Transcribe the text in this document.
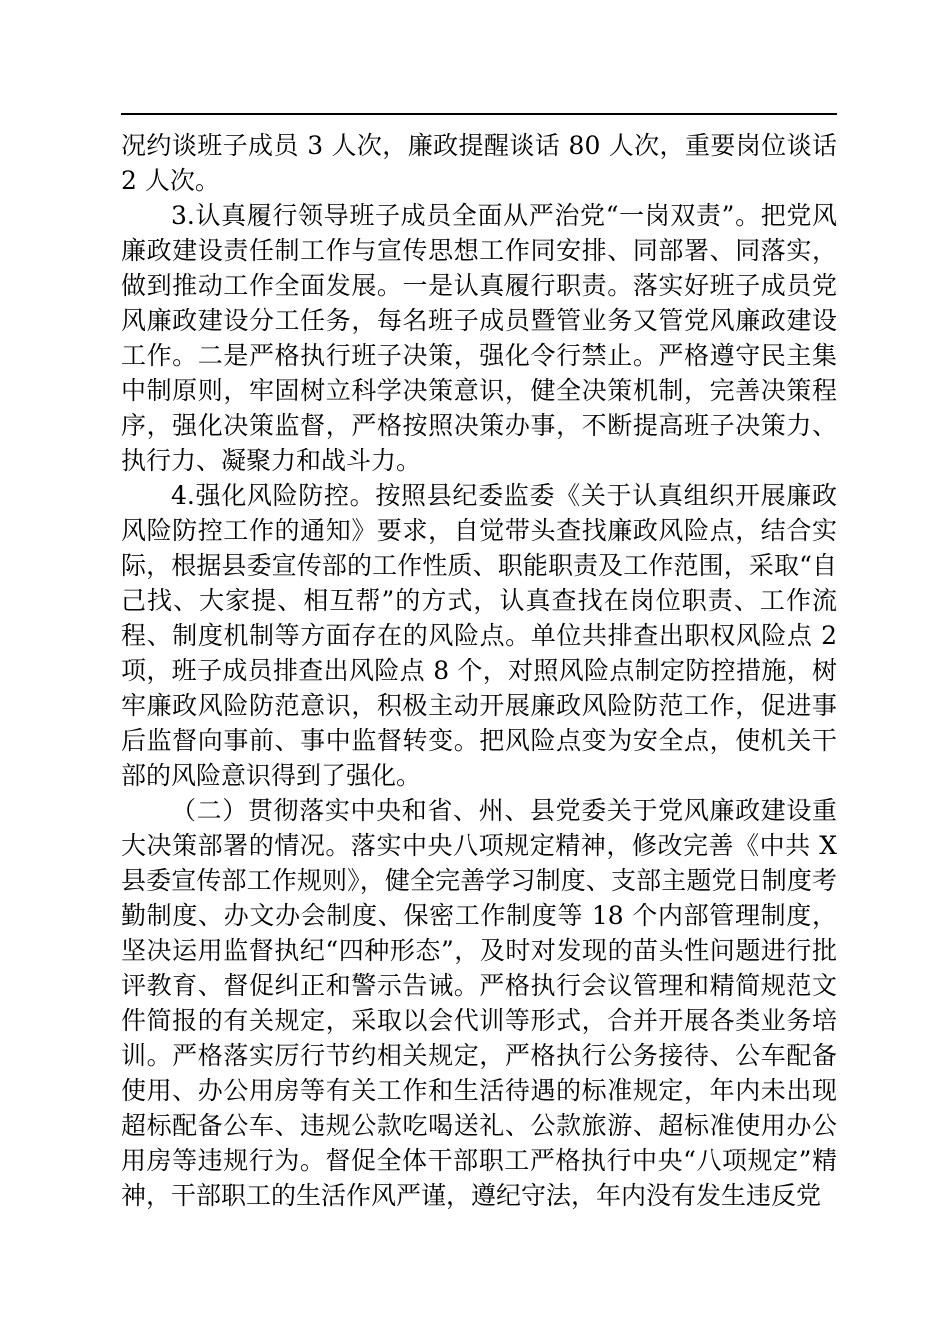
况约谈班子成员 3 人次，廉政提醒谈话 80 人次，重要岗位谈话 2 人次。

3.认真履行领导班子成员全面从严治党“一岗双责”。把党风廉政建设责任制工作与宣传思想工作同安排、同部署、同落实，做到推动工作全面发展。一是认真履行职责。落实好班子成员党风廉政建设分工任务，每名班子成员暨管业务又管党风廉政建设工作。二是严格执行班子决策，强化令行禁止。严格遵守民主集中制原则，牢固树立科学决策意识，健全决策机制，完善决策程序，强化决策监督，严格按照决策办事，不断提高班子决策力、执行力、凝聚力和战斗力。

4.强化风险防控。按照县纪委监委《关于认真组织开展廉政风险防控工作的通知》要求，自觉带头查找廉政风险点，结合实际，根据县委宣传部的工作性质、职能职责及工作范围，采取“自己找、大家提、相互帮”的方式，认真查找在岗位职责、工作流程、制度机制等方面存在的风险点。单位共排查出职权风险点 2 项，班子成员排查出风险点 8 个，对照风险点制定防控措施，树牢廉政风险防范意识，积极主动开展廉政风险防范工作，促进事后监督向事前、事中监督转变。把风险点变为安全点，使机关干部的风险意识得到了强化。

（二）贯彻落实中央和省、州、县党委关于党风廉政建设重大决策部署的情况。落实中央八项规定精神，修改完善《中共 X 县委宣传部工作规则》，健全完善学习制度、支部主题党日制度考勤制度、办文办会制度、保密工作制度等 18 个内部管理制度，坚决运用监督执纪“四种形态”，及时对发现的苗头性问题进行批评教育、督促纠正和警示告诫。严格执行会议管理和精简规范文件简报的有关规定，采取以会代训等形式，合并开展各类业务培训。严格落实厉行节约相关规定，严格执行公务接待、公车配备使用、办公用房等有关工作和生活待遇的标准规定，年内未出现超标配备公车、违规公款吃喝送礼、公款旅游、超标准使用办公用房等违规行为。督促全体干部职工严格执行中央“八项规定”精神，干部职工的生活作风严谨，遵纪守法，年内没有发生违反党
